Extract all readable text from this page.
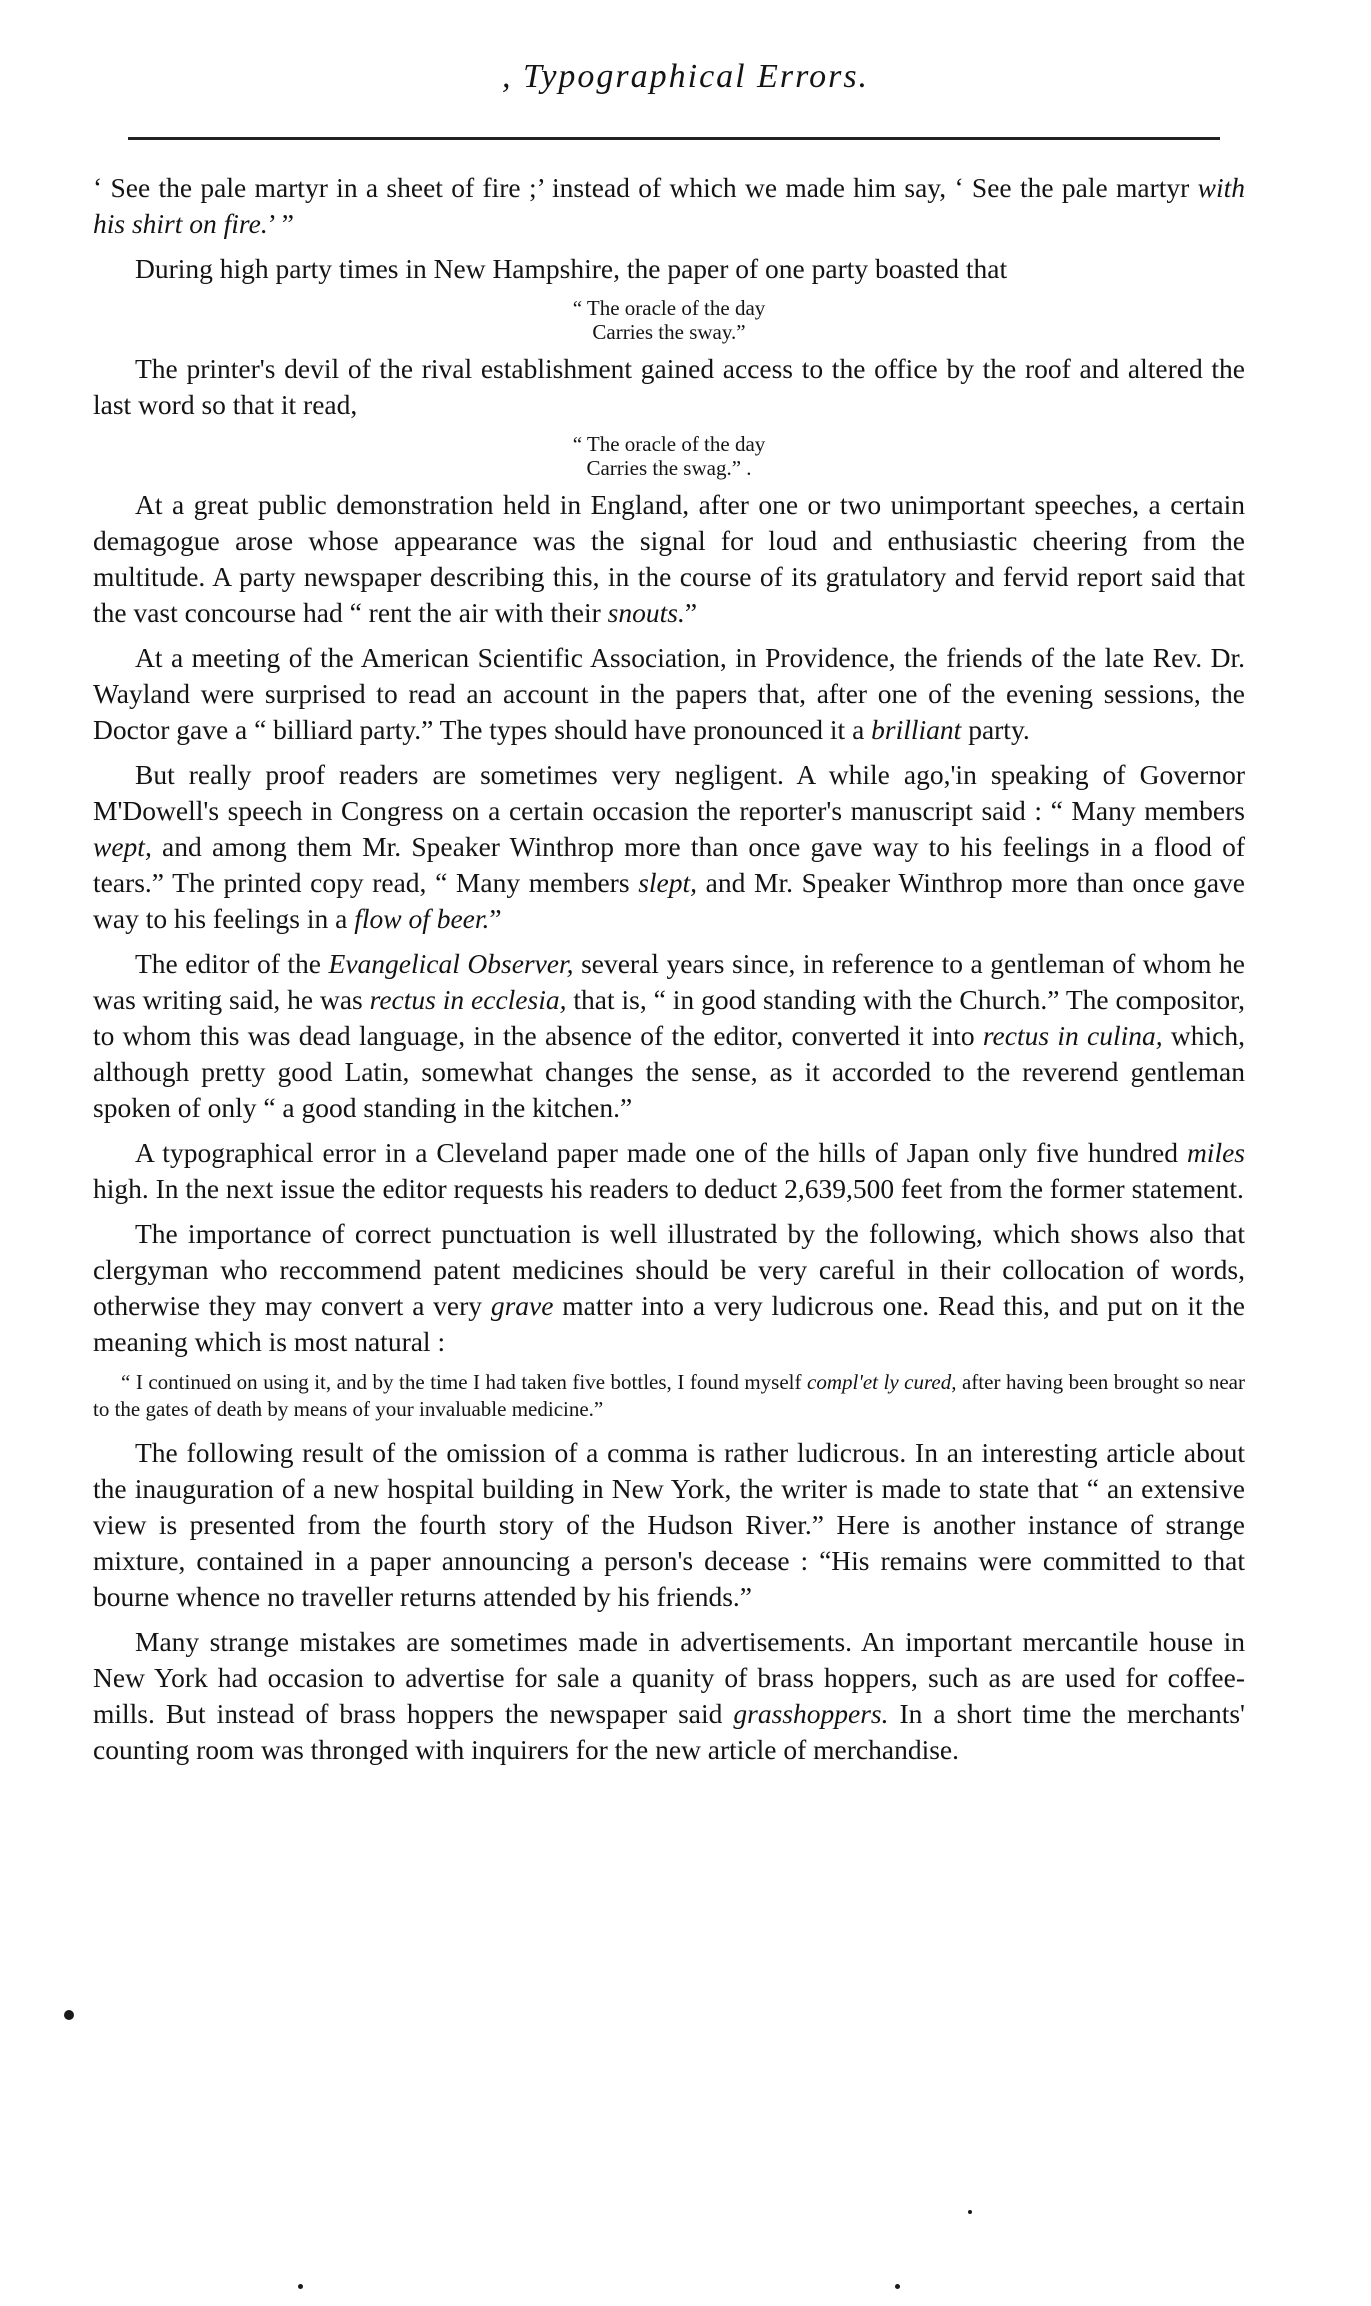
, Typographical Errors.

‘ See the pale martyr in a sheet of fire ;’ instead of which we made him say, ‘ See the pale martyr with his shirt on fire.’ ”

During high party times in New Hampshire, the paper of one party boasted that

“ The oracle of the day
Carries the sway.”

The printer's devil of the rival establishment gained access to the office by the roof and altered the last word so that it read,

“ The oracle of the day
Carries the swag.” .

At a great public demonstration held in England, after one or two unimportant speeches, a certain demagogue arose whose appearance was the signal for loud and enthusiastic cheering from the multitude. A party newspaper describing this, in the course of its gratulatory and fervid report said that the vast concourse had “ rent the air with their snouts.”

At a meeting of the American Scientific Association, in Providence, the friends of the late Rev. Dr. Wayland were surprised to read an account in the papers that, after one of the evening sessions, the Doctor gave a “ billiard party.” The types should have pronounced it a brilliant party.

But really proof readers are sometimes very negligent. A while ago,'in speaking of Governor M'Dowell's speech in Congress on a certain occasion the reporter's manuscript said : “ Many members wept, and among them Mr. Speaker Winthrop more than once gave way to his feelings in a flood of tears.” The printed copy read, “ Many members slept, and Mr. Speaker Winthrop more than once gave way to his feelings in a flow of beer.”

The editor of the Evangelical Observer, several years since, in reference to a gentleman of whom he was writing said, he was rectus in ecclesia, that is, “ in good standing with the Church.” The compositor, to whom this was dead language, in the absence of the editor, converted it into rectus in culina, which, although pretty good Latin, somewhat changes the sense, as it accorded to the reverend gentleman spoken of only “ a good standing in the kitchen.”

A typographical error in a Cleveland paper made one of the hills of Japan only five hundred miles high. In the next issue the editor requests his readers to deduct 2,639,500 feet from the former statement.

The importance of correct punctuation is well illustrated by the following, which shows also that clergyman who reccommend patent medicines should be very careful in their collocation of words, otherwise they may convert a very grave matter into a very ludicrous one. Read this, and put on it the meaning which is most natural :

“ I continued on using it, and by the time I had taken five bottles, I found myself compl'et ly cured, after having been brought so near to the gates of death by means of your invaluable medicine.”

The following result of the omission of a comma is rather ludicrous. In an interesting article about the inauguration of a new hospital building in New York, the writer is made to state that “ an extensive view is presented from the fourth story of the Hudson River.” Here is another instance of strange mixture, contained in a paper announcing a person's decease : “His remains were committed to that bourne whence no traveller returns attended by his friends.”

Many strange mistakes are sometimes made in advertisements. An important mercantile house in New York had occasion to advertise for sale a quanity of brass hoppers, such as are used for coffee-mills. But instead of brass hoppers the newspaper said grasshoppers. In a short time the merchants' counting room was thronged with inquirers for the new article of merchandise.
